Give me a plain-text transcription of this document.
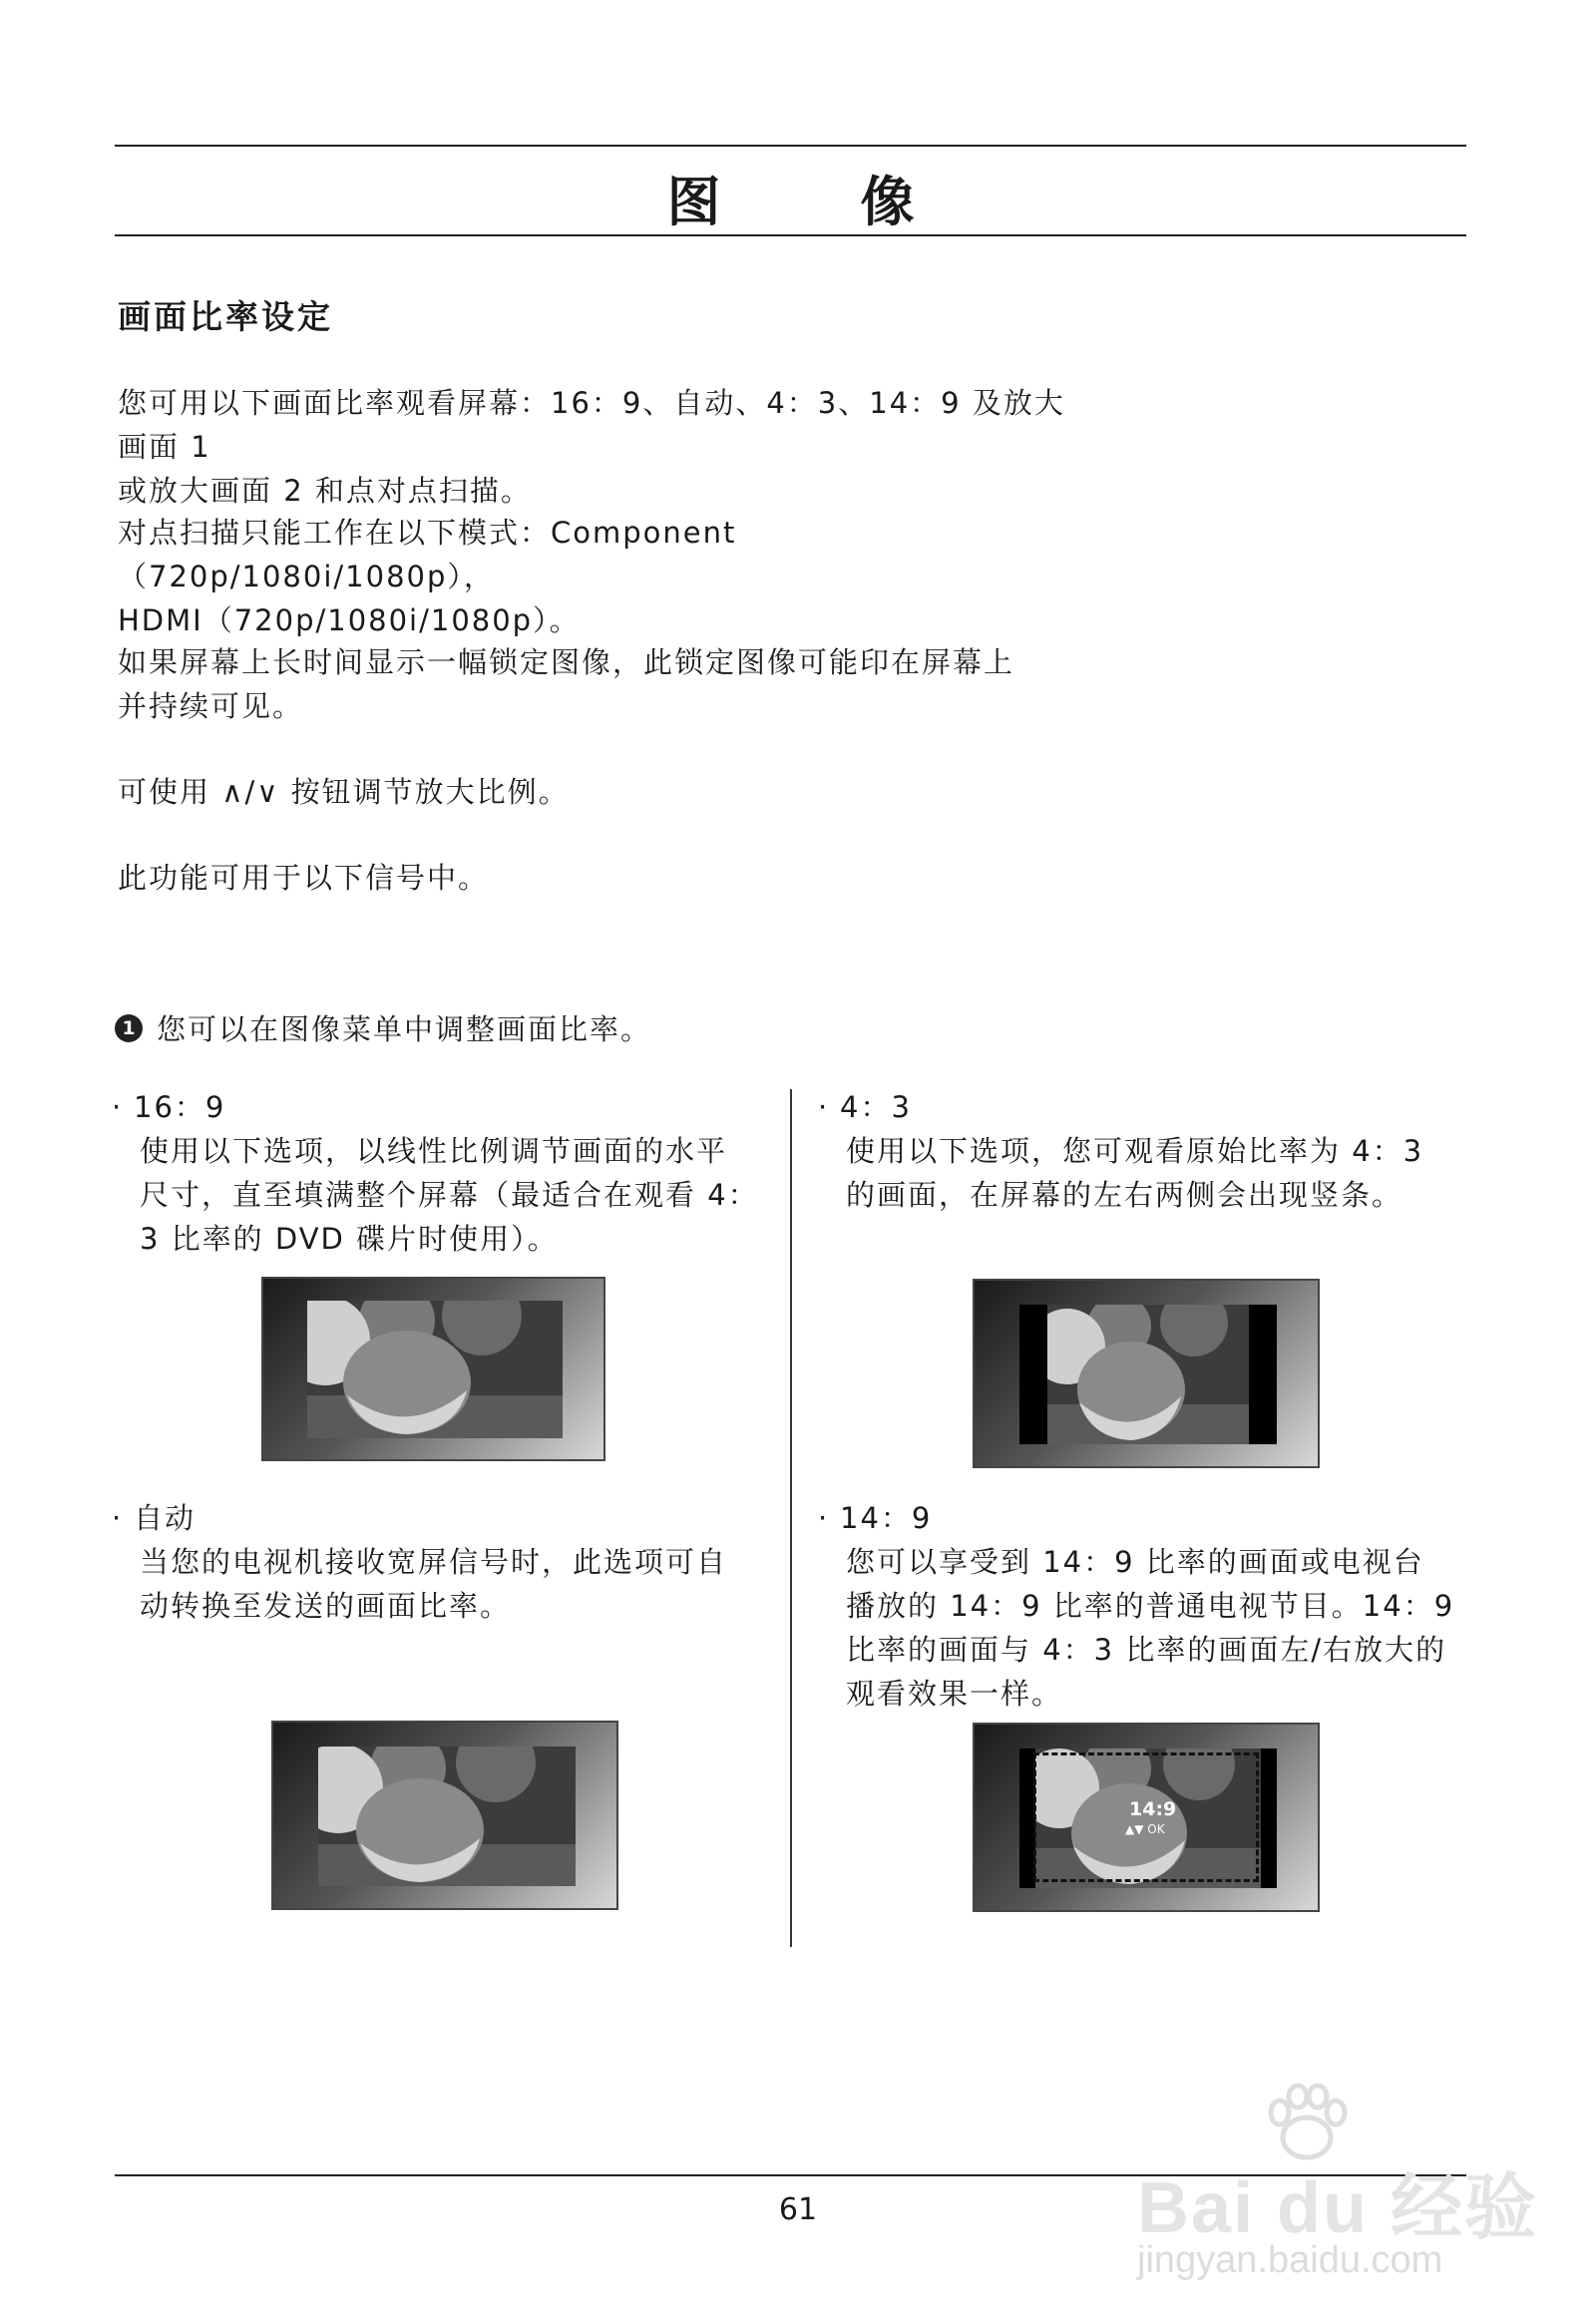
图	像
画面比率设定
您可用以下画面比率观看屏幕：16：9、自动、4：3、14：9 及放大画面 1
或放大画面 2 和点对点扫描。
对点扫描只能工作在以下模式：Component（720p/1080i/1080p），
HDMI（720p/1080i/1080p）。
如果屏幕上长时间显示一幅锁定图像，此锁定图像可能印在屏幕上
并持续可见。
可使用 ∧/∨ 按钮调节放大比例。
此功能可用于以下信号中。
1 您可以在图像菜单中调整画面比率。
· 16：9
使用以下选项，以线性比例调节画面的水平
尺寸，直至填满整个屏幕（最适合在观看 4：
3 比率的 DVD 碟片时使用）。
· 4：3
使用以下选项，您可观看原始比率为 4：3
的画面，在屏幕的左右两侧会出现竖条。
· 自动
当您的电视机接收宽屏信号时，此选项可自
动转换至发送的画面比率。
· 14：9
您可以享受到 14：9 比率的画面或电视台
播放的 14：9 比率的普通电视节目。14：9
比率的画面与 4：3 比率的画面左/右放大的
观看效果一样。
14:9
▲▼ OK
61	Bai du 经验
jingyan.baidu.com
